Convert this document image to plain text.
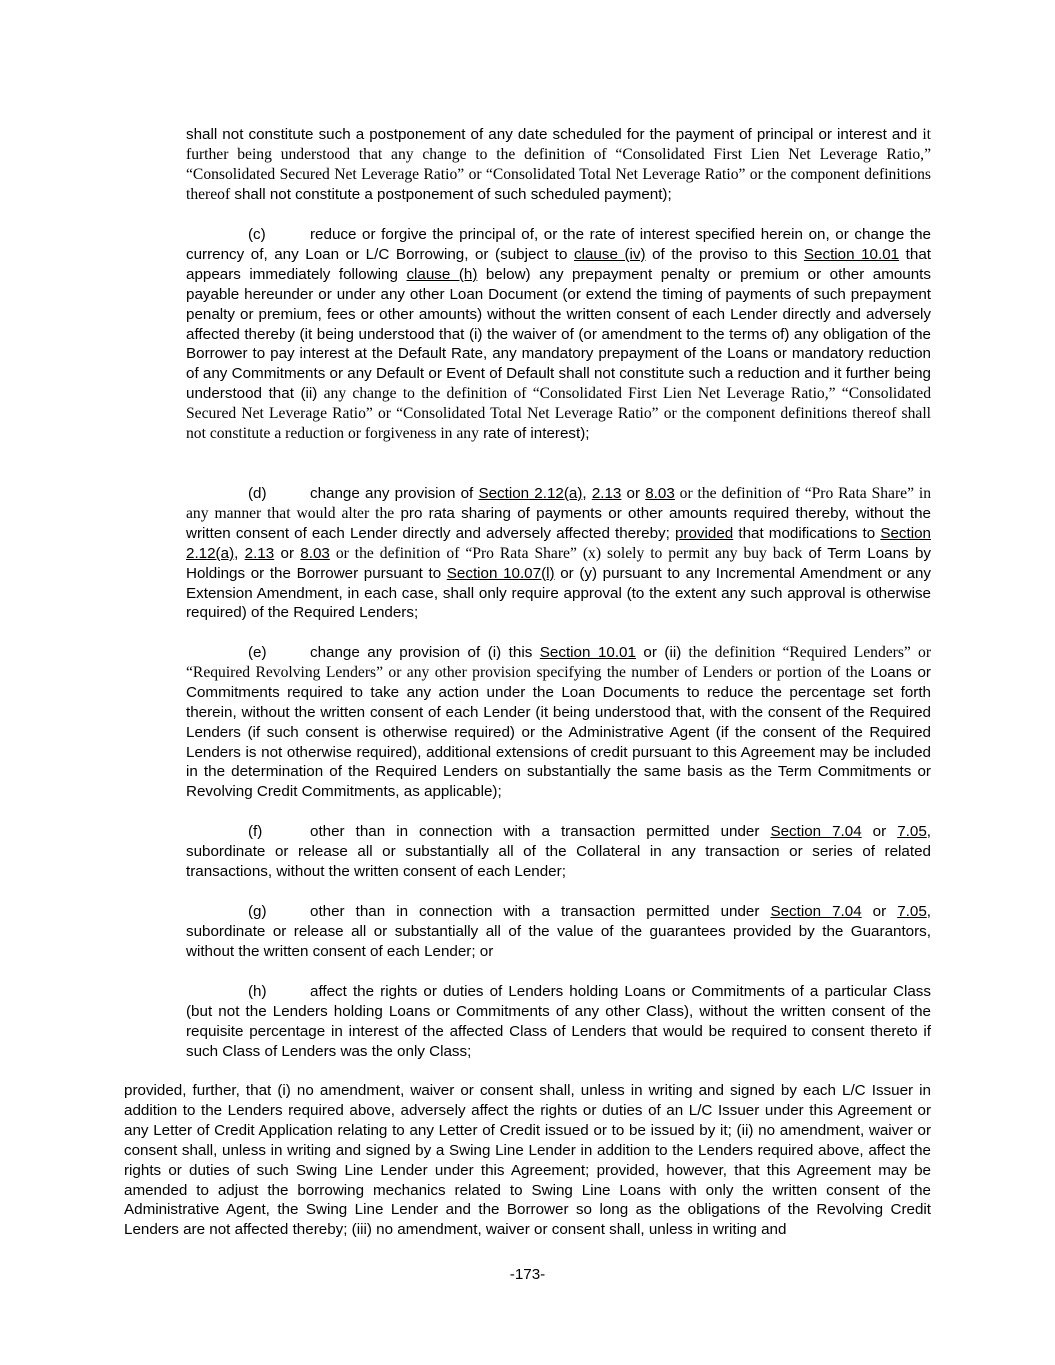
shall not constitute such a postponement of any date scheduled for the payment of principal or interest and it further being understood that any change to the definition of “Consolidated First Lien Net Leverage Ratio,” “Consolidated Secured Net Leverage Ratio” or “Consolidated Total Net Leverage Ratio” or the component definitions thereof shall not constitute a postponement of such scheduled payment);

(c)	reduce or forgive the principal of, or the rate of interest specified herein on, or change the currency of, any Loan or L/C Borrowing, or (subject to clause (iv) of the proviso to this Section 10.01 that appears immediately following clause (h) below) any prepayment penalty or premium or other amounts payable hereunder or under any other Loan Document (or extend the timing of payments of such prepayment penalty or premium, fees or other amounts) without the written consent of each Lender directly and adversely affected thereby (it being understood that (i) the waiver of (or amendment to the terms of) any obligation of the Borrower to pay interest at the Default Rate, any mandatory prepayment of the Loans or mandatory reduction of any Commitments or any Default or Event of Default shall not constitute such a reduction and it further being understood that (ii) any change to the definition of “Consolidated First Lien Net Leverage Ratio,” “Consolidated Secured Net Leverage Ratio” or “Consolidated Total Net Leverage Ratio” or the component definitions thereof shall not constitute a reduction or forgiveness in any rate of interest);

(d)	change any provision of Section 2.12(a), 2.13 or 8.03 or the definition of “Pro Rata Share” in any manner that would alter the pro rata sharing of payments or other amounts required thereby, without the written consent of each Lender directly and adversely affected thereby; provided that modifications to Section 2.12(a), 2.13 or 8.03 or the definition of “Pro Rata Share” (x) solely to permit any buy back of Term Loans by Holdings or the Borrower pursuant to Section 10.07(l) or (y) pursuant to any Incremental Amendment or any Extension Amendment, in each case, shall only require approval (to the extent any such approval is otherwise required) of the Required Lenders;

(e)	change any provision of (i) this Section 10.01 or (ii) the definition “Required Lenders” or “Required Revolving Lenders” or any other provision specifying the number of Lenders or portion of the Loans or Commitments required to take any action under the Loan Documents to reduce the percentage set forth therein, without the written consent of each Lender (it being understood that, with the consent of the Required Lenders (if such consent is otherwise required) or the Administrative Agent (if the consent of the Required Lenders is not otherwise required), additional extensions of credit pursuant to this Agreement may be included in the determination of the Required Lenders on substantially the same basis as the Term Commitments or Revolving Credit Commitments, as applicable);

(f)	other than in connection with a transaction permitted under Section 7.04 or 7.05, subordinate or release all or substantially all of the Collateral in any transaction or series of related transactions, without the written consent of each Lender;

(g)	other than in connection with a transaction permitted under Section 7.04 or 7.05, subordinate or release all or substantially all of the value of the guarantees provided by the Guarantors, without the written consent of each Lender; or

(h)	affect the rights or duties of Lenders holding Loans or Commitments of a particular Class (but not the Lenders holding Loans or Commitments of any other Class), without the written consent of the requisite percentage in interest of the affected Class of Lenders that would be required to consent thereto if such Class of Lenders was the only Class;

provided, further, that (i) no amendment, waiver or consent shall, unless in writing and signed by each L/C Issuer in addition to the Lenders required above, adversely affect the rights or duties of an L/C Issuer under this Agreement or any Letter of Credit Application relating to any Letter of Credit issued or to be issued by it; (ii) no amendment, waiver or consent shall, unless in writing and signed by a Swing Line Lender in addition to the Lenders required above, affect the rights or duties of such Swing Line Lender under this Agreement; provided, however, that this Agreement may be amended to adjust the borrowing mechanics related to Swing Line Loans with only the written consent of the Administrative Agent, the Swing Line Lender and the Borrower so long as the obligations of the Revolving Credit Lenders are not affected thereby; (iii) no amendment, waiver or consent shall, unless in writing and

-173-
